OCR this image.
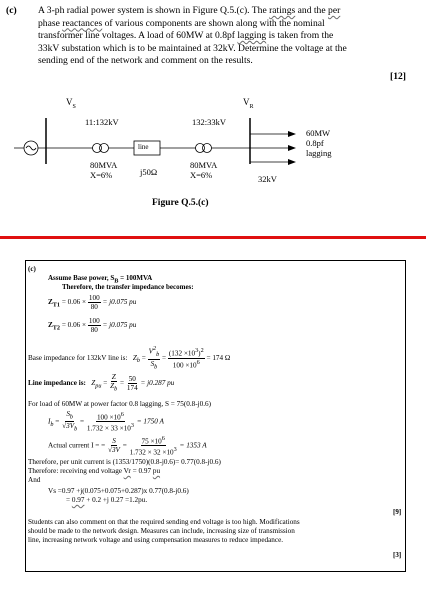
(c) A 3-ph radial power system is shown in Figure Q.5.(c). The ratings and the per
phase reactances of various components are shown along with the nominal
transformer line voltages. A load of 60MW at 0.8pf lagging is taken from the
33kV substation which is to be maintained at 32kV. Determine the voltage at the
sending end of the network and comment on the results.
[12]
$V_S$	$V_R$
11:132kV	132:33kV
line
60MW
0.8pf
lagging
80MVA
X=6%	j50Ω
80MVA
X=6%	32kV
Figure Q.5.(c)
(c)
Assume Base power, $S_B = 100MVA$
Therefore, the transfer impedance becomes:
$Z_{T1} = 0.06 \times \frac{100}{80} = j0.075$ pu
$Z_{T2} = 0.06 \times \frac{100}{80} = j0.075$ pu
Base impedance for 132kV line is: $Z_b = \frac{V^2_b}{S_b} = \frac{(132 \times 10^3)^2}{100 \times 10^6} = 174$ Ω
Line impedance is: $Z_{pu} = \frac{Z}{Z_b} = \frac{50}{174} = j0.287$ pu
For load of 60MW at power factor 0.8 lagging, S = 75(0.8-j0.6)
$I_b = \frac{S_b}{√3V_b} = \frac{100 \times 10^6}{1.732 \times 33 \times 10^3} = 1750$ A
Actual current I = = $\frac{S}{√3V} = \frac{75 \times 10^6}{1.732 \times 32 \times 10^3} = 1353$ A
Therefore, per unit current is (1353/1750)(0.8-j0.6)= 0.77(0.8-j0.6)
Therefore: receiving end voltage Vr = 0.97 pu
And
Vs =0.97 +j(0.075+0.075+0.287)x 0.77(0.8-j0.6)
= 0.97 + 0.2 +j 0.27 =1.2pu.
[9]
Students can also comment on that the required sending end voltage is too high. Modifications
should be made to the network design. Measures can include, increasing size of transmission
line, increasing network voltage and using compensation measures to reduce impedance.
[3]
